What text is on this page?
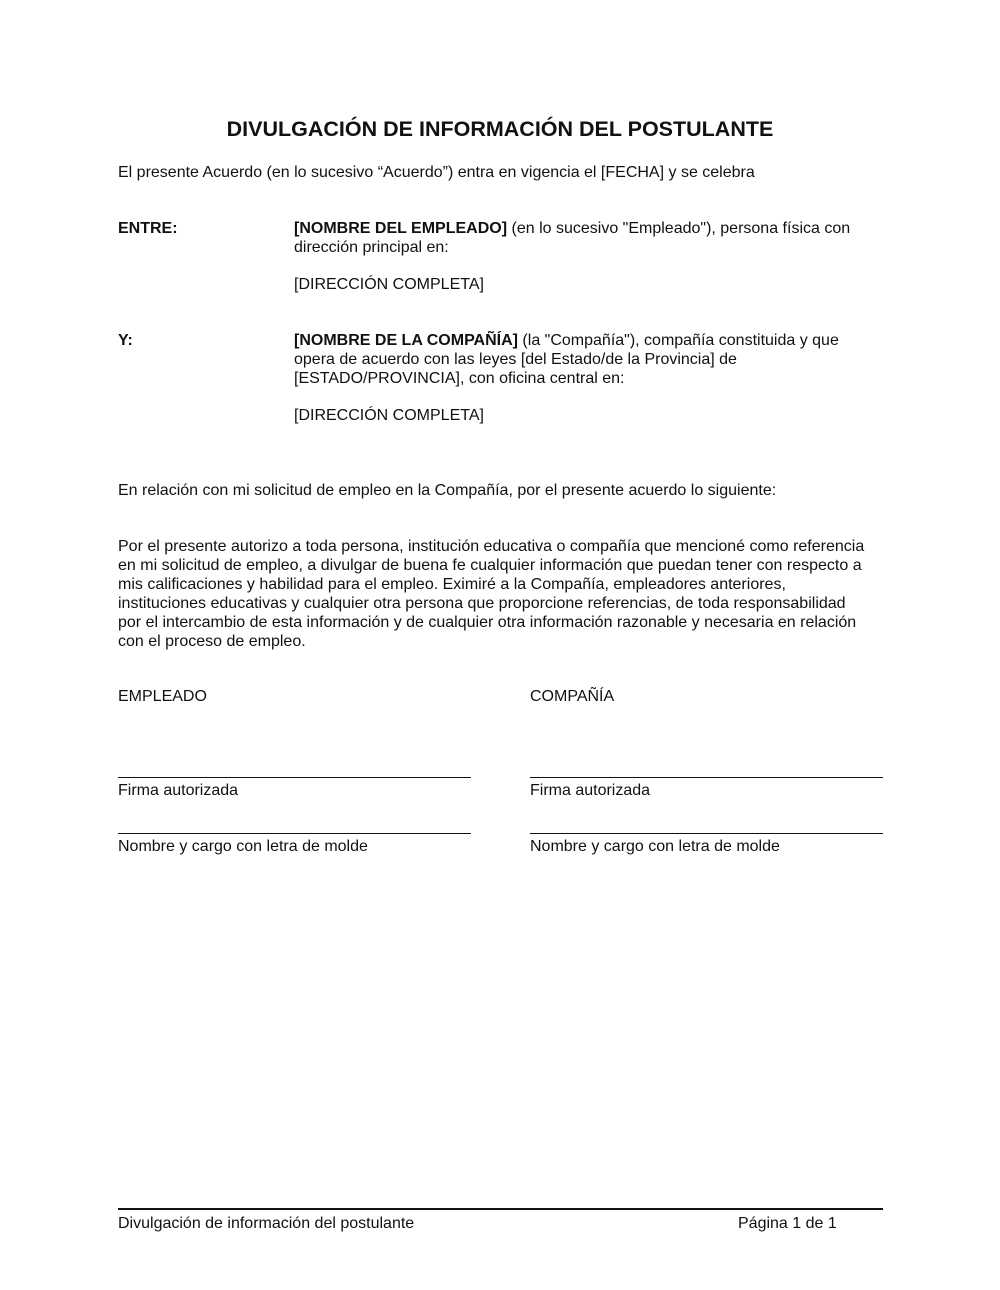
DIVULGACIÓN DE INFORMACIÓN DEL POSTULANTE
El presente Acuerdo (en lo sucesivo “Acuerdo”) entra en vigencia el [FECHA] y se celebra
ENTRE:	[NOMBRE DEL EMPLEADO] (en lo sucesivo "Empleado"), persona física con
dirección principal en:
[DIRECCIÓN COMPLETA]
Y:	[NOMBRE DE LA COMPAÑÍA] (la "Compañía"), compañía constituida y que
opera de acuerdo con las leyes [del Estado/de la Provincia] de
[ESTADO/PROVINCIA], con oficina central en:
[DIRECCIÓN COMPLETA]
En relación con mi solicitud de empleo en la Compañía, por el presente acuerdo lo siguiente:
Por el presente autorizo a toda persona, institución educativa o compañía que mencioné como referencia
en mi solicitud de empleo, a divulgar de buena fe cualquier información que puedan tener con respecto a
mis calificaciones y habilidad para el empleo. Eximiré a la Compañía, empleadores anteriores,
instituciones educativas y cualquier otra persona que proporcione referencias, de toda responsabilidad
por el intercambio de esta información y de cualquier otra información razonable y necesaria en relación
con el proceso de empleo.
EMPLEADO
Firma autorizada
Nombre y cargo con letra de molde
COMPAÑÍA
Firma autorizada
Nombre y cargo con letra de molde
Divulgación de información del postulante	Página 1 de 1
